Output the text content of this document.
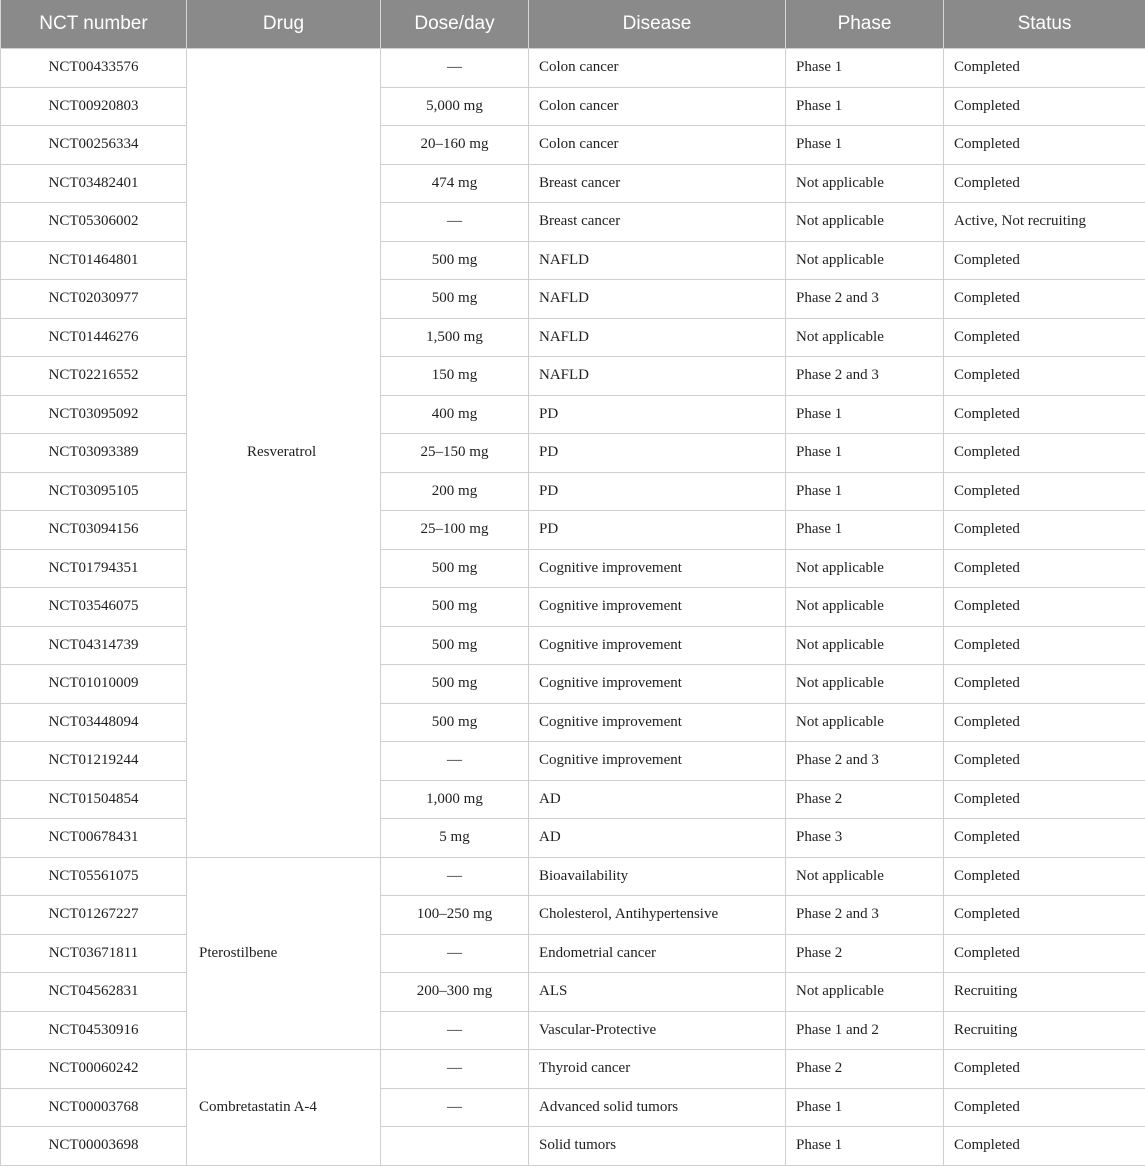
NCT number	Drug	Dose/day	Disease	Phase	Status
NCT00433576	Resveratrol	—	Colon cancer	Phase 1	Completed
NCT00920803		5,000 mg	Colon cancer	Phase 1	Completed
NCT00256334		20–160 mg	Colon cancer	Phase 1	Completed
NCT03482401		474 mg	Breast cancer	Not applicable	Completed
NCT05306002		—	Breast cancer	Not applicable	Active, Not recruiting
NCT01464801		500 mg	NAFLD	Not applicable	Completed
NCT02030977		500 mg	NAFLD	Phase 2 and 3	Completed
NCT01446276		1,500 mg	NAFLD	Not applicable	Completed
NCT02216552		150 mg	NAFLD	Phase 2 and 3	Completed
NCT03095092		400 mg	PD	Phase 1	Completed
NCT03093389		25–150 mg	PD	Phase 1	Completed
NCT03095105		200 mg	PD	Phase 1	Completed
NCT03094156		25–100 mg	PD	Phase 1	Completed
NCT01794351		500 mg	Cognitive improvement	Not applicable	Completed
NCT03546075		500 mg	Cognitive improvement	Not applicable	Completed
NCT04314739		500 mg	Cognitive improvement	Not applicable	Completed
NCT01010009		500 mg	Cognitive improvement	Not applicable	Completed
NCT03448094		500 mg	Cognitive improvement	Not applicable	Completed
NCT01219244		—	Cognitive improvement	Phase 2 and 3	Completed
NCT01504854		1,000 mg	AD	Phase 2	Completed
NCT00678431		5 mg	AD	Phase 3	Completed
NCT05561075	Pterostilbene	—	Bioavailability	Not applicable	Completed
NCT01267227		100–250 mg	Cholesterol, Antihypertensive	Phase 2 and 3	Completed
NCT03671811		—	Endometrial cancer	Phase 2	Completed
NCT04562831		200–300 mg	ALS	Not applicable	Recruiting
NCT04530916		—	Vascular-Protective	Phase 1 and 2	Recruiting
NCT00060242	Combretastatin A-4	—	Thyroid cancer	Phase 2	Completed
NCT00003768		—	Advanced solid tumors	Phase 1	Completed
NCT00003698			Solid tumors	Phase 1	Completed
